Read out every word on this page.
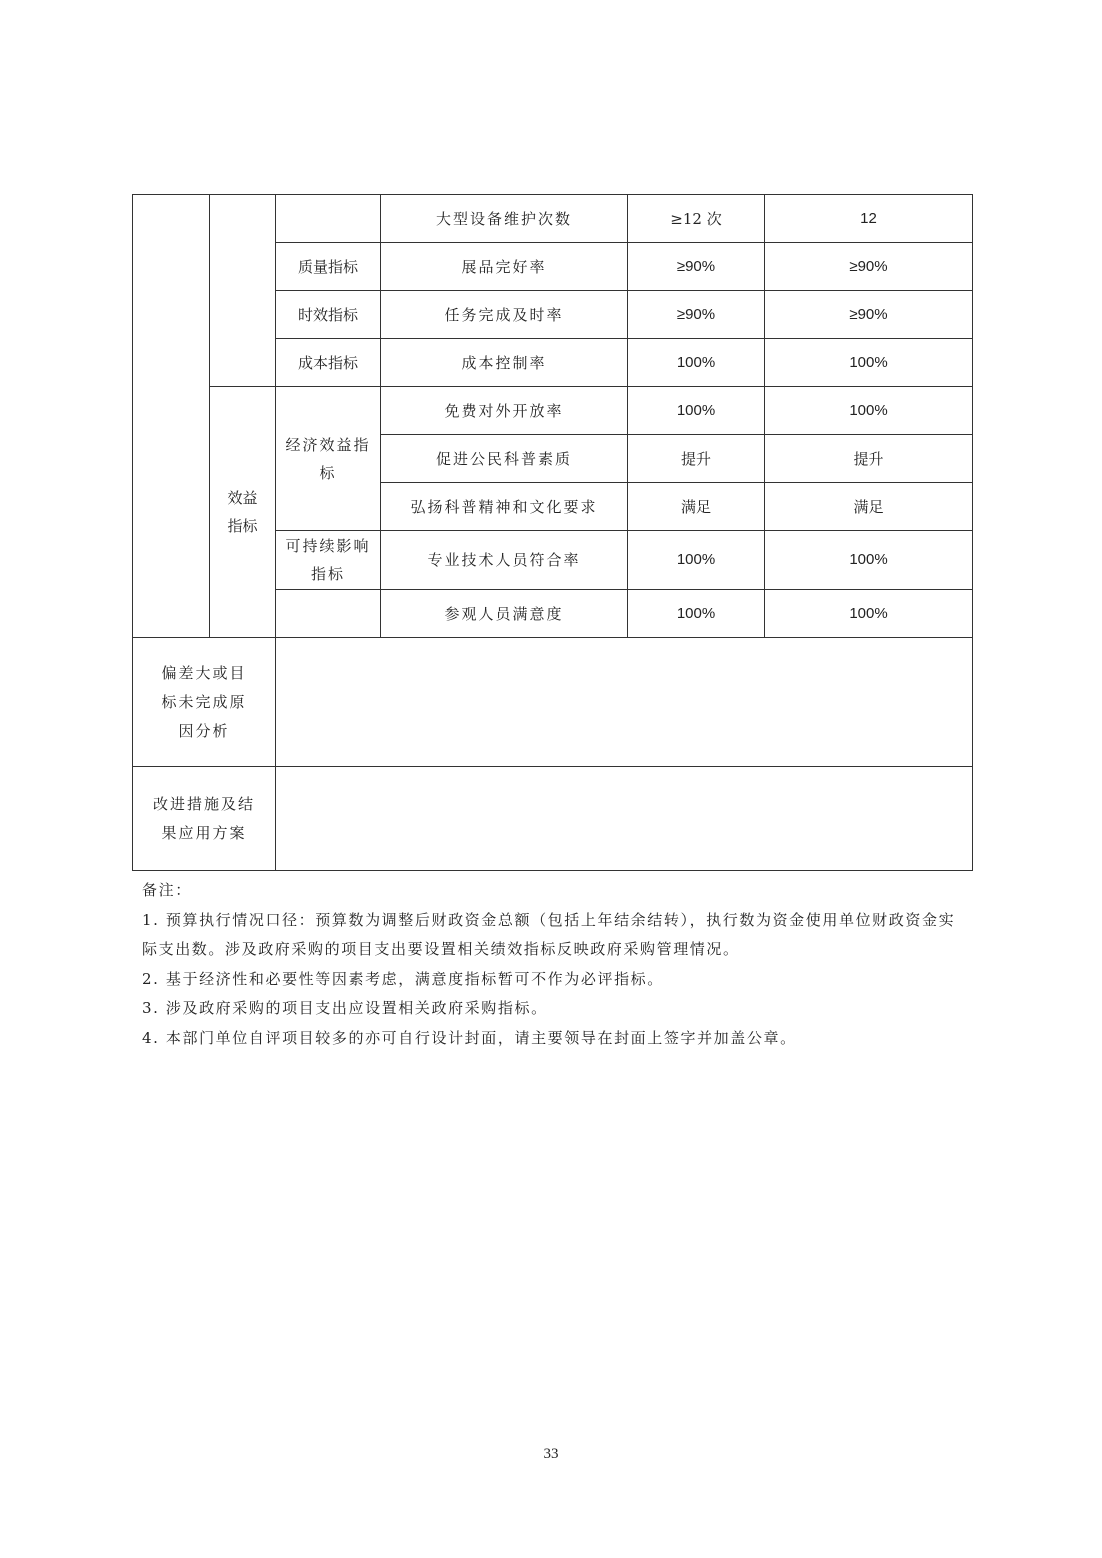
			大型设备维护次数	≥12 次	12
		质量指标	展品完好率	≥90%	≥90%
		时效指标	任务完成及时率	≥90%	≥90%
		成本指标	成本控制率	100%	100%
	效益指标	经济效益指标	免费对外开放率	100%	100%
			促进公民科普素质	提升	提升
			弘扬科普精神和文化要求	满足	满足
		可持续影响指标	专业技术人员符合率	100%	100%
			参观人员满意度	100%	100%
偏差大或目标未完成原因分析					
改进措施及结果应用方案					

备注：

1. 预算执行情况口径：预算数为调整后财政资金总额（包括上年结余结转），执行数为资金使用单位财政资金实际支出数。涉及政府采购的项目支出要设置相关绩效指标反映政府采购管理情况。

2. 基于经济性和必要性等因素考虑，满意度指标暂可不作为必评指标。

3. 涉及政府采购的项目支出应设置相关政府采购指标。

4. 本部门单位自评项目较多的亦可自行设计封面，请主要领导在封面上签字并加盖公章。

33
